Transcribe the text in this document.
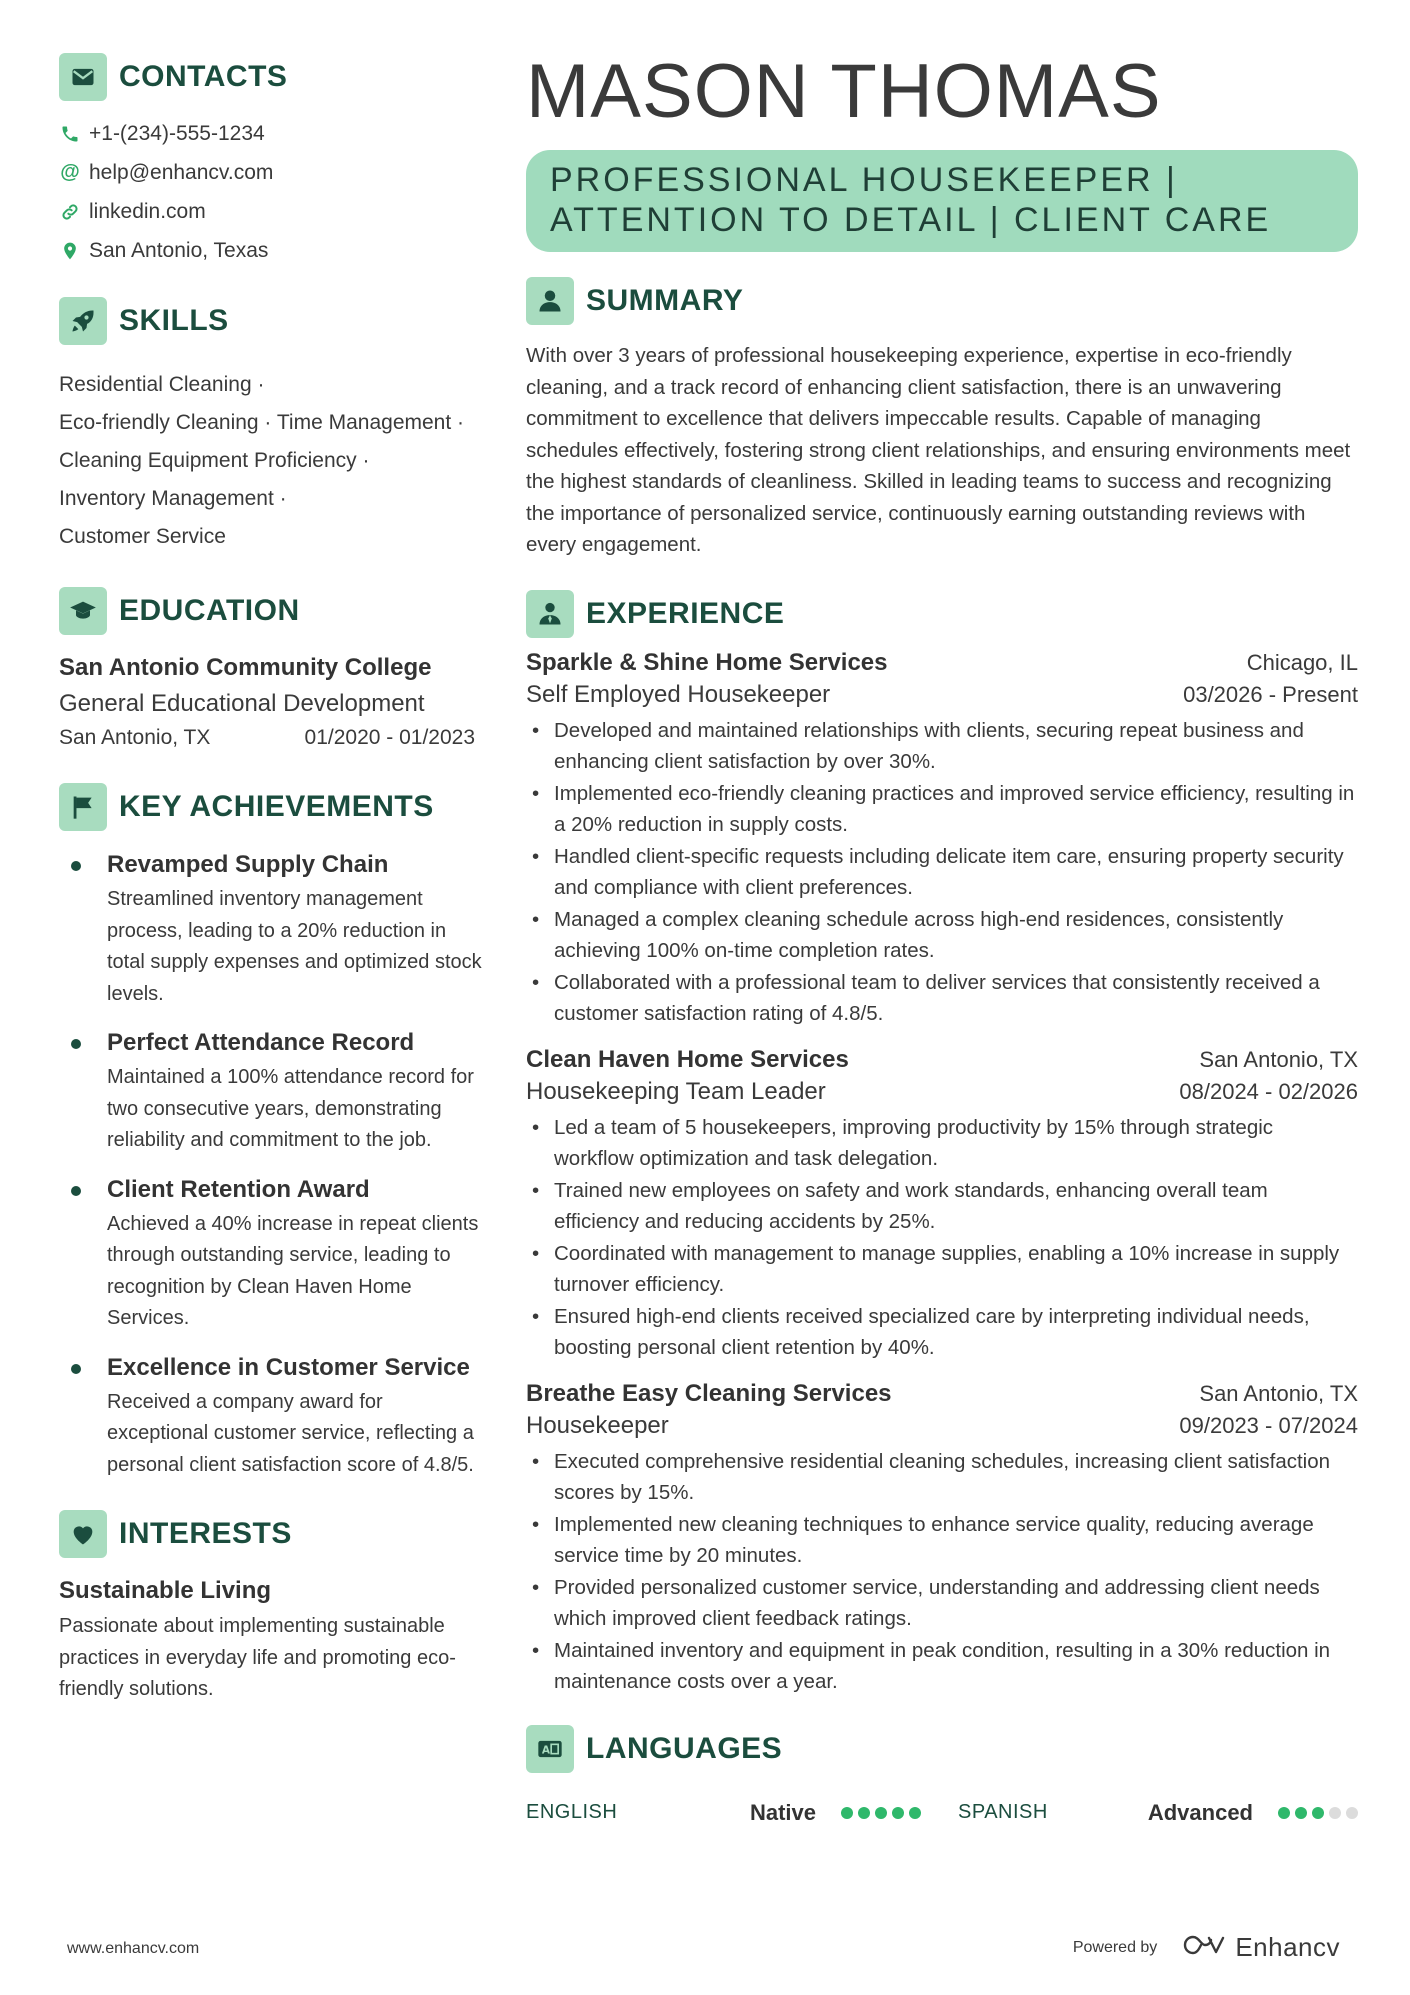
CONTACTS
+1-(234)-555-1234
@ help@enhancv.com
linkedin.com
San Antonio, Texas
SKILLS
Residential Cleaning ·
Eco-friendly Cleaning · Time Management ·
Cleaning Equipment Proficiency ·
Inventory Management ·
Customer Service
EDUCATION
San Antonio Community College
General Educational Development
San Antonio, TX	01/2020 - 01/2023
KEY ACHIEVEMENTS
Revamped Supply Chain
Streamlined inventory management process, leading to a 20% reduction in total supply expenses and optimized stock levels.
Perfect Attendance Record
Maintained a 100% attendance record for two consecutive years, demonstrating reliability and commitment to the job.
Client Retention Award
Achieved a 40% increase in repeat clients through outstanding service, leading to recognition by Clean Haven Home Services.
Excellence in Customer Service
Received a company award for exceptional customer service, reflecting a personal client satisfaction score of 4.8/5.
INTERESTS
Sustainable Living
Passionate about implementing sustainable practices in everyday life and promoting eco-friendly solutions.
MASON THOMAS
PROFESSIONAL HOUSEKEEPER | ATTENTION TO DETAIL | CLIENT CARE
SUMMARY
With over 3 years of professional housekeeping experience, expertise in eco-friendly cleaning, and a track record of enhancing client satisfaction, there is an unwavering commitment to excellence that delivers impeccable results. Capable of managing schedules effectively, fostering strong client relationships, and ensuring environments meet the highest standards of cleanliness. Skilled in leading teams to success and recognizing the importance of personalized service, continuously earning outstanding reviews with every engagement.
EXPERIENCE
Sparkle & Shine Home Services	Chicago, IL
Self Employed Housekeeper	03/2026 - Present
• Developed and maintained relationships with clients, securing repeat business and enhancing client satisfaction by over 30%.
• Implemented eco-friendly cleaning practices and improved service efficiency, resulting in a 20% reduction in supply costs.
• Handled client-specific requests including delicate item care, ensuring property security and compliance with client preferences.
• Managed a complex cleaning schedule across high-end residences, consistently achieving 100% on-time completion rates.
• Collaborated with a professional team to deliver services that consistently received a customer satisfaction rating of 4.8/5.
Clean Haven Home Services	San Antonio, TX
Housekeeping Team Leader	08/2024 - 02/2026
• Led a team of 5 housekeepers, improving productivity by 15% through strategic workflow optimization and task delegation.
• Trained new employees on safety and work standards, enhancing overall team efficiency and reducing accidents by 25%.
• Coordinated with management to manage supplies, enabling a 10% increase in supply turnover efficiency.
• Ensured high-end clients received specialized care by interpreting individual needs, boosting personal client retention by 40%.
Breathe Easy Cleaning Services	San Antonio, TX
Housekeeper	09/2023 - 07/2024
• Executed comprehensive residential cleaning schedules, increasing client satisfaction scores by 15%.
• Implemented new cleaning techniques to enhance service quality, reducing average service time by 20 minutes.
• Provided personalized customer service, understanding and addressing client needs which improved client feedback ratings.
• Maintained inventory and equipment in peak condition, resulting in a 30% reduction in maintenance costs over a year.
A LANGUAGES
ENGLISH	Native	SPANISH	Advanced
www.enhancv.com	Powered by	Enhancv
